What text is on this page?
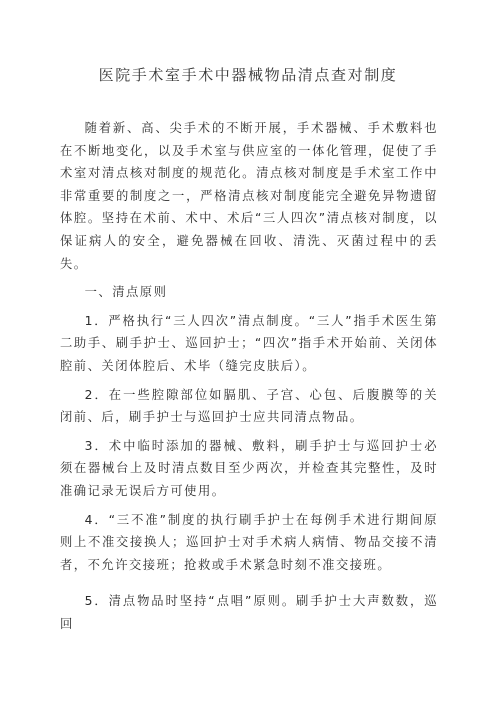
医院手术室手术中器械物品清点查对制度

随着新、高、尖手术的不断开展，手术器械、手术敷料也在不断地变化，以及手术室与供应室的一体化管理，促使了手术室对清点核对制度的规范化。清点核对制度是手术室工作中非常重要的制度之一，严格清点核对制度能完全避免异物遗留体腔。坚持在术前、术中、术后“三人四次”清点核对制度，以保证病人的安全，避免器械在回收、清洗、灭菌过程中的丢失。

一、清点原则

1．严格执行“三人四次”清点制度。“三人”指手术医生第二助手、刷手护士、巡回护士；“四次”指手术开始前、关闭体腔前、关闭体腔后、术毕（缝完皮肤后）。

2．在一些腔隙部位如膈肌、子宫、心包、后腹膜等的关闭前、后，刷手护士与巡回护士应共同清点物品。

3．术中临时添加的器械、敷料，刷手护士与巡回护士必须在器械台上及时清点数目至少两次，并检查其完整性，及时准确记录无误后方可使用。

4．“三不准”制度的执行刷手护士在每例手术进行期间原则上不准交接换人；巡回护士对手术病人病情、物品交接不清者，不允许交接班；抢救或手术紧急时刻不准交接班。

5．清点物品时坚持“点唱”原则。刷手护士大声数数，巡回
